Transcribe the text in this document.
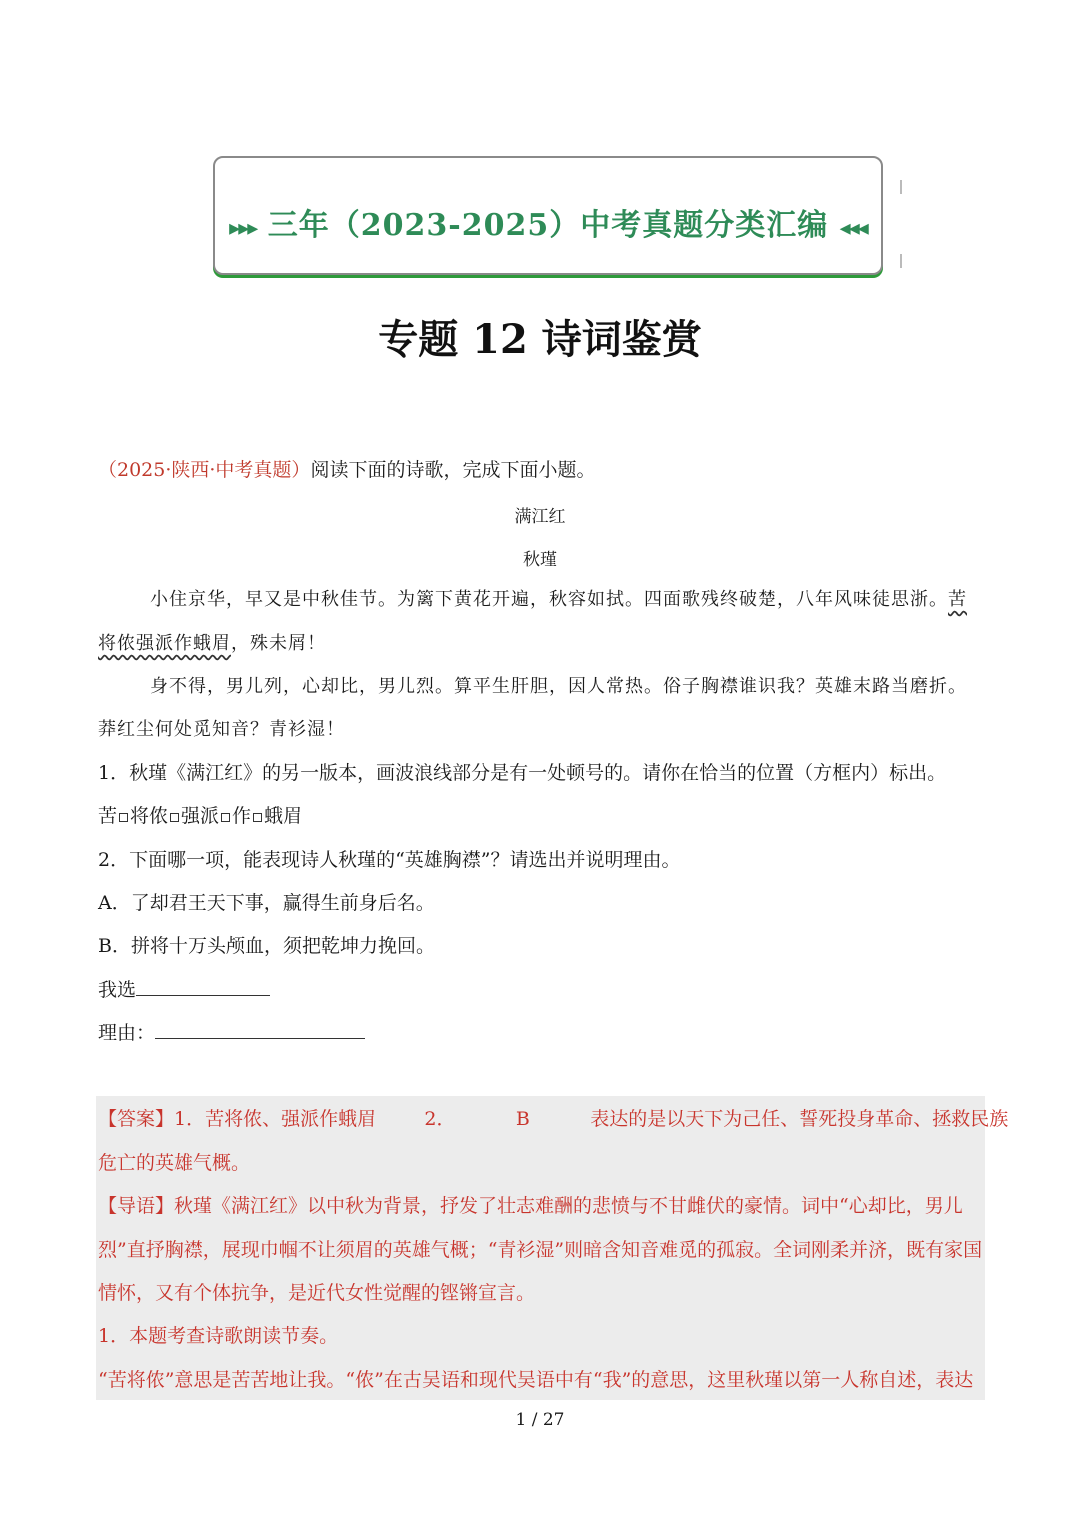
▸▸▸ 三年（2023-2025）中考真题分类汇编 ◂◂◂
专题 12 诗词鉴赏
（2025·陕西·中考真题）阅读下面的诗歌，完成下面小题。
满江红
秋瑾
小住京华，早又是中秋佳节。为篱下黄花开遍，秋容如拭。四面歌残终破楚，八年风味徒思浙。苦
将侬强派作蛾眉，殊未屑！
身不得，男儿列，心却比，男儿烈。算平生肝胆，因人常热。俗子胸襟谁识我？英雄末路当磨折。
莽红尘何处觅知音？青衫湿！
1．秋瑾《满江红》的另一版本，画波浪线部分是有一处顿号的。请你在恰当的位置（方框内）标出。
苦 将侬 强派 作 蛾眉
2．下面哪一项，能表现诗人秋瑾的“英雄胸襟”？请选出并说明理由。
A．了却君王天下事，赢得生前身后名。
B．拼将十万头颅血，须把乾坤力挽回。
我选
理由：
【答案】1．苦将侬、强派作蛾眉        2．          B          表达的是以天下为己任、誓死投身革命、拯救民族
危亡的英雄气概。
【导语】秋瑾《满江红》以中秋为背景，抒发了壮志难酬的悲愤与不甘雌伏的豪情。词中“心却比，男儿
烈”直抒胸襟，展现巾帼不让须眉的英雄气概；“青衫湿”则暗含知音难觅的孤寂。全词刚柔并济，既有家国
情怀，又有个体抗争，是近代女性觉醒的铿锵宣言。
1．本题考查诗歌朗读节奏。
“苦将侬”意思是苦苦地让我。“侬”在古吴语和现代吴语中有“我”的意思，这里秋瑾以第一人称自述，表达
1 / 27
